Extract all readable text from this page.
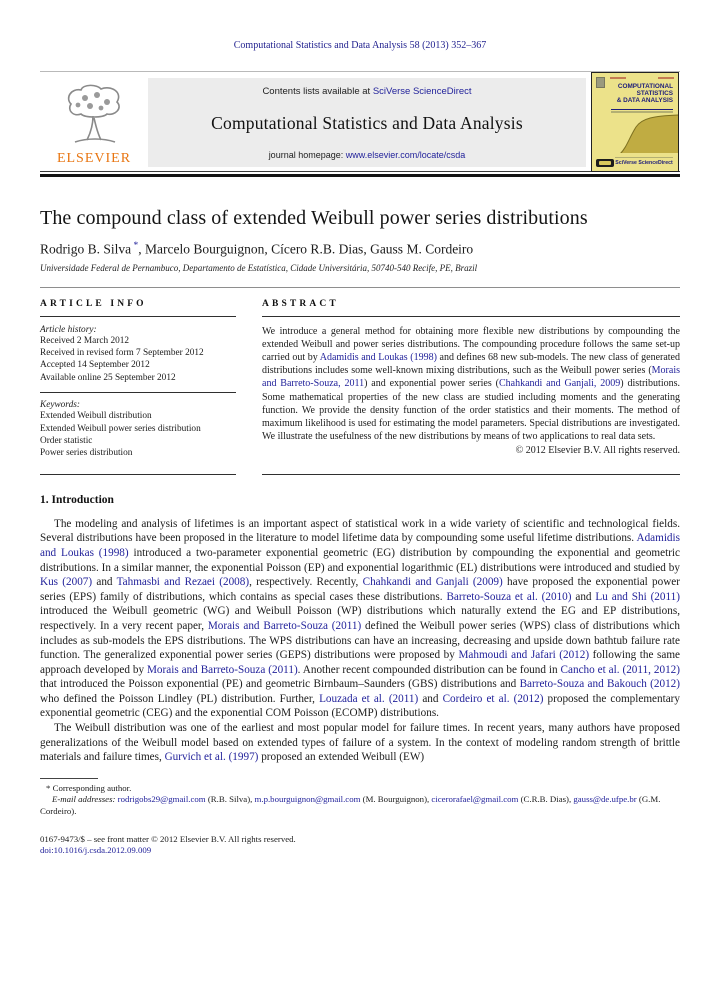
Computational Statistics and Data Analysis 58 (2013) 352–367
ELSEVIER
Contents lists available at SciVerse ScienceDirect
Computational Statistics and Data Analysis
journal homepage: www.elsevier.com/locate/csda
COMPUTATIONAL
STATISTICS
& DATA ANALYSIS
SciVerse ScienceDirect
The compound class of extended Weibull power series distributions
Rodrigo B. Silva *, Marcelo Bourguignon, Cícero R.B. Dias, Gauss M. Cordeiro
Universidade Federal de Pernambuco, Departamento de Estatística, Cidade Universitária, 50740-540 Recife, PE, Brazil
ARTICLE INFO
Article history:
Received 2 March 2012
Received in revised form 7 September 2012
Accepted 14 September 2012
Available online 25 September 2012
Keywords:
Extended Weibull distribution
Extended Weibull power series distribution
Order statistic
Power series distribution
ABSTRACT
We introduce a general method for obtaining more flexible new distributions by compounding the extended Weibull and power series distributions. The compounding procedure follows the same set-up carried out by Adamidis and Loukas (1998) and defines 68 new sub-models. The new class of generated distributions includes some well-known mixing distributions, such as the Weibull power series (Morais and Barreto-Souza, 2011) and exponential power series (Chahkandi and Ganjali, 2009) distributions. Some mathematical properties of the new class are studied including moments and the generating function. We provide the density function of the order statistics and their moments. The method of maximum likelihood is used for estimating the model parameters. Special distributions are investigated. We illustrate the usefulness of the new distributions by means of two applications to real data sets.
© 2012 Elsevier B.V. All rights reserved.
1. Introduction
The modeling and analysis of lifetimes is an important aspect of statistical work in a wide variety of scientific and technological fields. Several distributions have been proposed in the literature to model lifetime data by compounding some useful lifetime distributions. Adamidis and Loukas (1998) introduced a two-parameter exponential geometric (EG) distribution by compounding the exponential and geometric distributions. In a similar manner, the exponential Poisson (EP) and exponential logarithmic (EL) distributions were introduced and studied by Kus (2007) and Tahmasbi and Rezaei (2008), respectively. Recently, Chahkandi and Ganjali (2009) have proposed the exponential power series (EPS) family of distributions, which contains as special cases these distributions. Barreto-Souza et al. (2010) and Lu and Shi (2011) introduced the Weibull geometric (WG) and Weibull Poisson (WP) distributions which naturally extend the EG and EP distributions, respectively. In a very recent paper, Morais and Barreto-Souza (2011) defined the Weibull power series (WPS) class of distributions which includes as sub-models the EPS distributions. The WPS distributions can have an increasing, decreasing and upside down bathtub failure rate function. The generalized exponential power series (GEPS) distributions were proposed by Mahmoudi and Jafari (2012) following the same approach developed by Morais and Barreto-Souza (2011). Another recent compounded distribution can be found in Cancho et al. (2011, 2012) that introduced the Poisson exponential (PE) and geometric Birnbaum–Saunders (GBS) distributions and Barreto-Souza and Bakouch (2012) who defined the Poisson Lindley (PL) distribution. Further, Louzada et al. (2011) and Cordeiro et al. (2012) proposed the complementary exponential geometric (CEG) and the exponential COM Poisson (ECOMP) distributions.
The Weibull distribution was one of the earliest and most popular model for failure times. In recent years, many authors have proposed generalizations of the Weibull model based on extended types of failure of a system. In the context of modeling random strength of brittle materials and failure times, Gurvich et al. (1997) proposed an extended Weibull (EW)
* Corresponding author.
E-mail addresses: rodrigobs29@gmail.com (R.B. Silva), m.p.bourguignon@gmail.com (M. Bourguignon), cicerorafael@gmail.com (C.R.B. Dias), gauss@de.ufpe.br (G.M. Cordeiro).
0167-9473/$ – see front matter © 2012 Elsevier B.V. All rights reserved.
doi:10.1016/j.csda.2012.09.009
